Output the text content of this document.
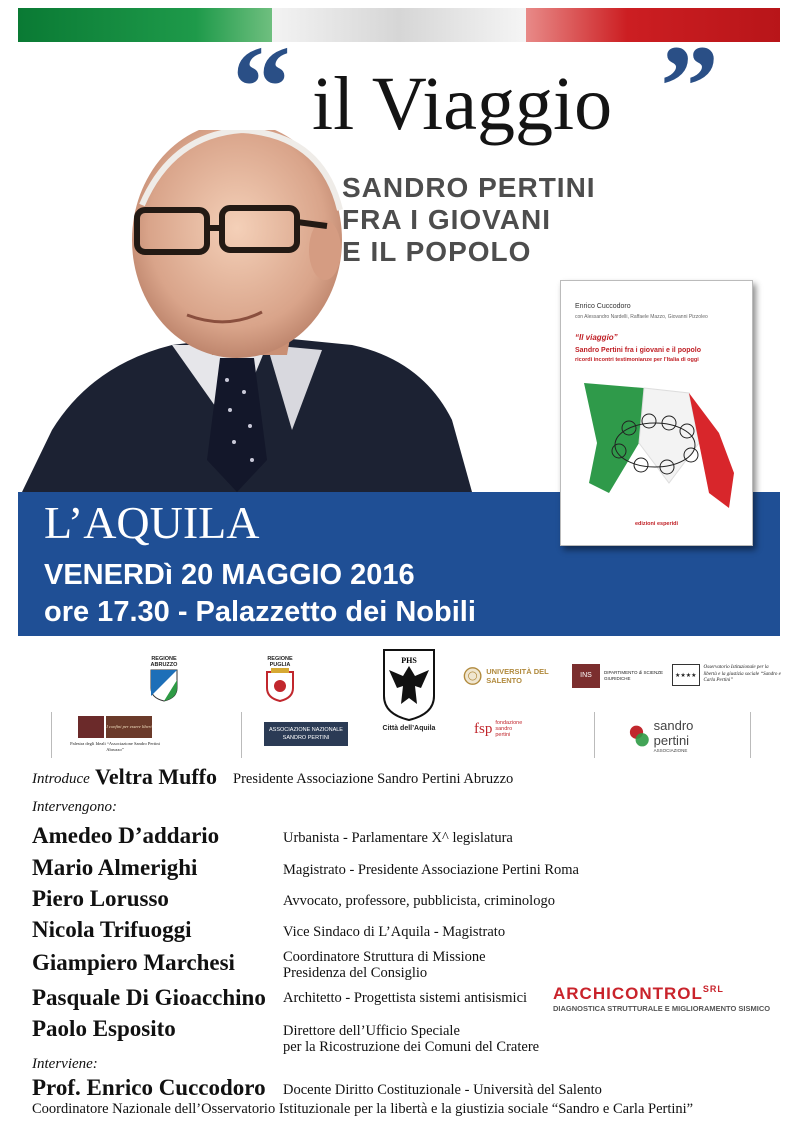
“ il Viaggio ”
SANDRO PERTINI
FRA I GIOVANI
E IL POPOLO
L’AQUILA
VENERDì 20 MAGGIO 2016
ore 17.30 - Palazzetto dei Nobili
Enrico Cuccodoro
con Alessandro Nardelli, Raffaele Mazzo, Giovanni Pizzoleo
“Il viaggio”
Sandro Pertini fra i giovani e il popolo
ricordi incontri testimonianze per l’Italia di oggi
edizioni esperidi
REGIONE ABRUZZO
REGIONE PUGLIA	PHS
Città dell’Aquila
UNIVERSITÀ DEL SALENTO
INS	DIPARTIMENTO di SCIENZE GIURIDICHE	★★★★
Osservatorio Istituzionale per la libertà e la giustizia sociale “Sandro e Carla Pertini”
I confini per essere liberi
Palestra degli Ideali “Associazione Sandro Pertini Abruzzo”
ASSOCIAZIONE NAZIONALE SANDRO PERTINI
fsp fondazione sandro pertini
sandro pertini
ASSOCIAZIONE
Introduce Veltra Muffo Presidente Associazione Sandro Pertini Abruzzo
Intervengono:
Amedeo D’addario	Urbanista - Parlamentare X^ legislatura
Mario Almerighi	Magistrato - Presidente Associazione Pertini Roma
Piero Lorusso	Avvocato, professore, pubblicista, criminologo
Nicola Trifuoggi	Vice Sindaco di L’Aquila - Magistrato
Giampiero Marchesi	Coordinatore Struttura di Missione
Presidenza del Consiglio
Pasquale Di Gioacchino Architetto - Progettista sistemi antisismici
Paolo Esposito	Direttore dell’Ufficio Speciale
per la Ricostruzione dei Comuni del Cratere
Interviene:
Prof. Enrico Cuccodoro Docente Diritto Costituzionale - Università del Salento
Coordinatore Nazionale dell’Osservatorio Istituzionale per la libertà e la giustizia sociale “Sandro e Carla Pertini”
$ARCHICONTROL^{SRL}$
DIAGNOSTICA STRUTTURALE E MIGLIORAMENTO SISMICO
